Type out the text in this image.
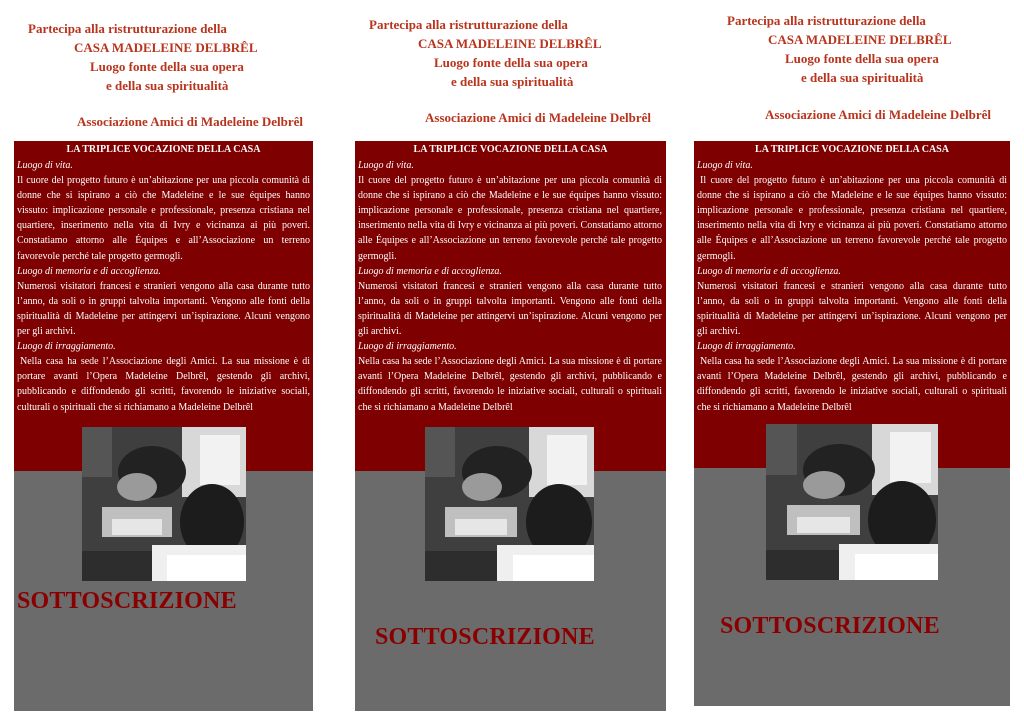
Partecipa alla ristrutturazione della
CASA MADELEINE DELBRÊL
Luogo fonte della sua opera
e della sua spiritualità
Associazione Amici di Madeleine Delbrêl
LA TRIPLICE VOCAZIONE DELLA CASA

Luogo di vita.

Il cuore del progetto futuro è un’abitazione per una piccola comunità di donne che si ispirano a ciò che Madeleine e le sue équipes hanno vissuto: implicazione personale e professionale, presenza cristiana nel quartiere, inserimento nella vita di Ivry e vicinanza ai più poveri. Constatiamo attorno alle Équipes e all’Associazione un terreno favorevole perché tale progetto germogli.

Luogo di memoria e di accoglienza.

Numerosi visitatori francesi e stranieri vengono alla casa durante tutto l’anno, da soli o in gruppi talvolta importanti. Vengono alle fonti della spiritualità di Madeleine per attingervi un’ispirazione. Alcuni vengono per gli archivi.

Luogo di irraggiamento.

Nella casa ha sede l’Associazione degli Amici. La sua missione è di portare avanti l’Opera Madeleine Delbrêl, gestendo gli archivi, pubblicando e diffondendo gli scritti, favorendo le iniziative sociali, culturali o spirituali che si richiamano a Madeleine Delbrêl

SOTTOSCRIZIONE
Partecipa alla ristrutturazione della
CASA MADELEINE DELBRÊL
Luogo fonte della sua opera
e della sua spiritualità
Associazione Amici di Madeleine Delbrêl
LA TRIPLICE VOCAZIONE DELLA CASA

Luogo di vita.

Il cuore del progetto futuro è un’abitazione per una piccola comunità di donne che si ispirano a ciò che Madeleine e le sue équipes hanno vissuto: implicazione personale e professionale, presenza cristiana nel quartiere, inserimento nella vita di Ivry e vicinanza ai più poveri. Constatiamo attorno alle Équipes e all’Associazione un terreno favorevole perché tale progetto germogli.

Luogo di memoria e di accoglienza.

Numerosi visitatori francesi e stranieri vengono alla casa durante tutto l’anno, da soli o in gruppi talvolta importanti. Vengono alle fonti della spiritualità di Madeleine per attingervi un’ispirazione. Alcuni vengono per gli archivi.

Luogo di irraggiamento.

Nella casa ha sede l’Associazione degli Amici. La sua missione è di portare avanti l’Opera Madeleine Delbrêl, gestendo gli archivi, pubblicando e diffondendo gli scritti, favorendo le iniziative sociali, culturali o spirituali che si richiamano a Madeleine Delbrêl

SOTTOSCRIZIONE
Partecipa alla ristrutturazione della
CASA MADELEINE DELBRÊL
Luogo fonte della sua opera
e della sua spiritualità
Associazione Amici di Madeleine Delbrêl
LA TRIPLICE VOCAZIONE DELLA CASA

Luogo di vita.

Il cuore del progetto futuro è un’abitazione per una piccola comunità di donne che si ispirano a ciò che Madeleine e le sue équipes hanno vissuto: implicazione personale e professionale, presenza cristiana nel quartiere, inserimento nella vita di Ivry e vicinanza ai più poveri. Constatiamo attorno alle Équipes e all’Associazione un terreno favorevole perché tale progetto germogli.

Luogo di memoria e di accoglienza.

Numerosi visitatori francesi e stranieri vengono alla casa durante tutto l’anno, da soli o in gruppi talvolta importanti. Vengono alle fonti della spiritualità di Madeleine per attingervi un’ispirazione. Alcuni vengono per gli archivi.

Luogo di irraggiamento.

Nella casa ha sede l’Associazione degli Amici. La sua missione è di portare avanti l’Opera Madeleine Delbrêl, gestendo gli archivi, pubblicando e diffondendo gli scritti, favorendo le iniziative sociali, culturali o spirituali che si richiamano a Madeleine Delbrêl

SOTTOSCRIZIONE
